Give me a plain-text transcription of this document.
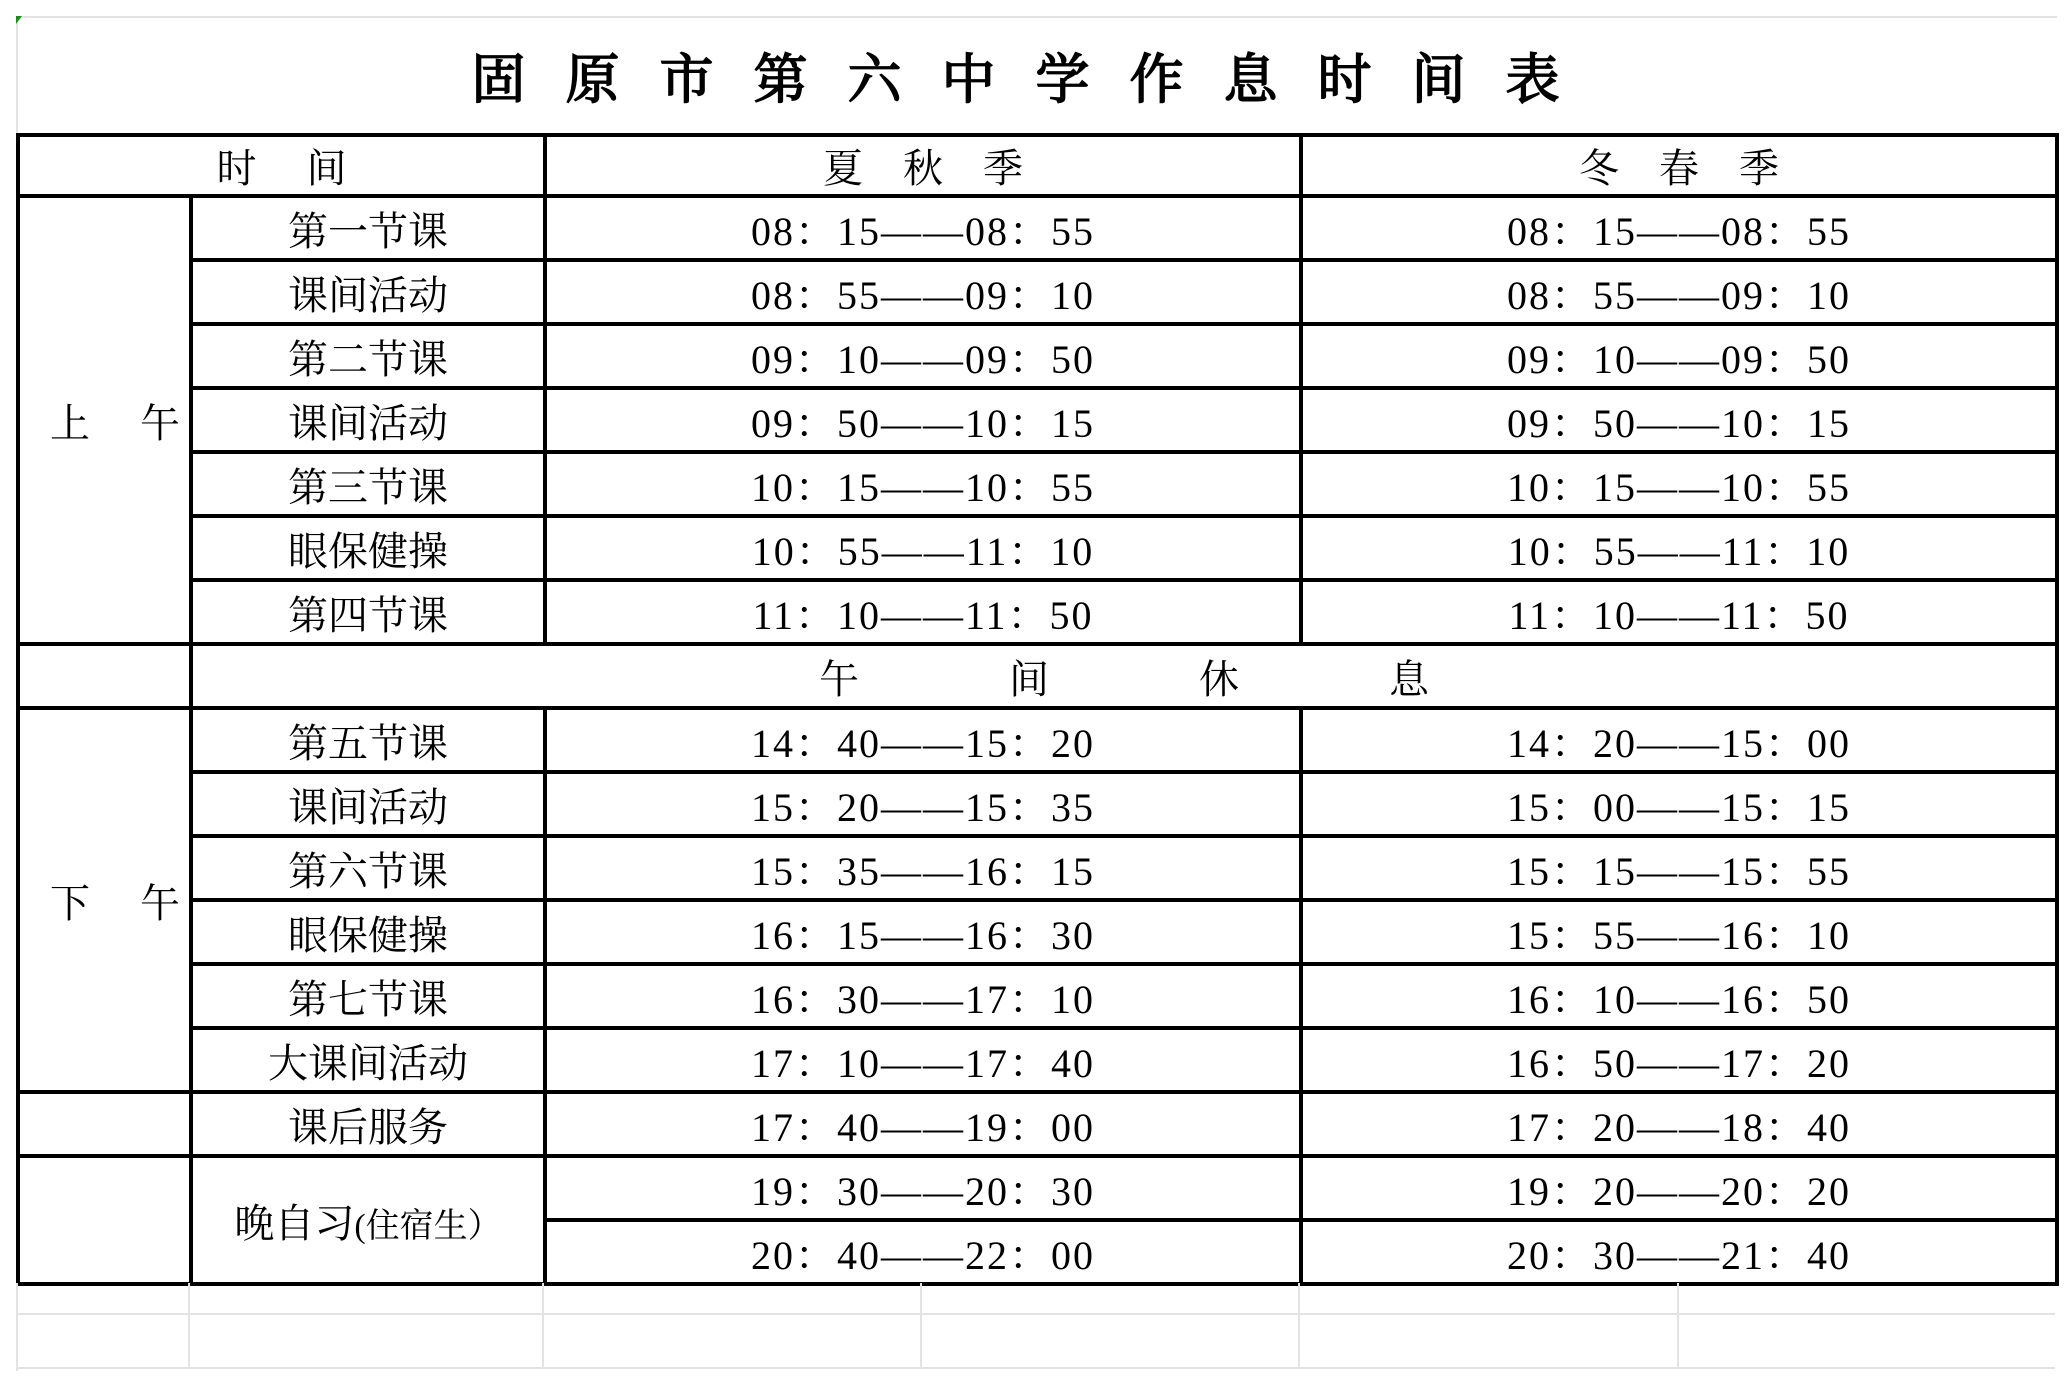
固原市第六中学作息时间表
时间		夏秋季	冬春季
上午	第一节课	08：15——08：55	08：15——08：55
	课间活动	08：55——09：10	08：55——09：10
	第二节课	09：10——09：50	09：10——09：50
	课间活动	09：50——10：15	09：50——10：15
	第三节课	10：15——10：55	10：15——10：55
	眼保健操	10：55——11：10	10：55——11：10
	第四节课	11：10——11：50	11：10——11：50
	午间休息		
下午	第五节课	14：40——15：20	14：20——15：00
	课间活动	15：20——15：35	15：00——15：15
	第六节课	15：35——16：15	15：15——15：55
	眼保健操	16：15——16：30	15：55——16：10
	第七节课	16：30——17：10	16：10——16：50
	大课间活动	17：10——17：40	16：50——17：20
	课后服务	17：40——19：00	17：20——18：40
	晚自习(住宿生）	19：30——20：30	19：20——20：20
		20：40——22：00	20：30——21：40
